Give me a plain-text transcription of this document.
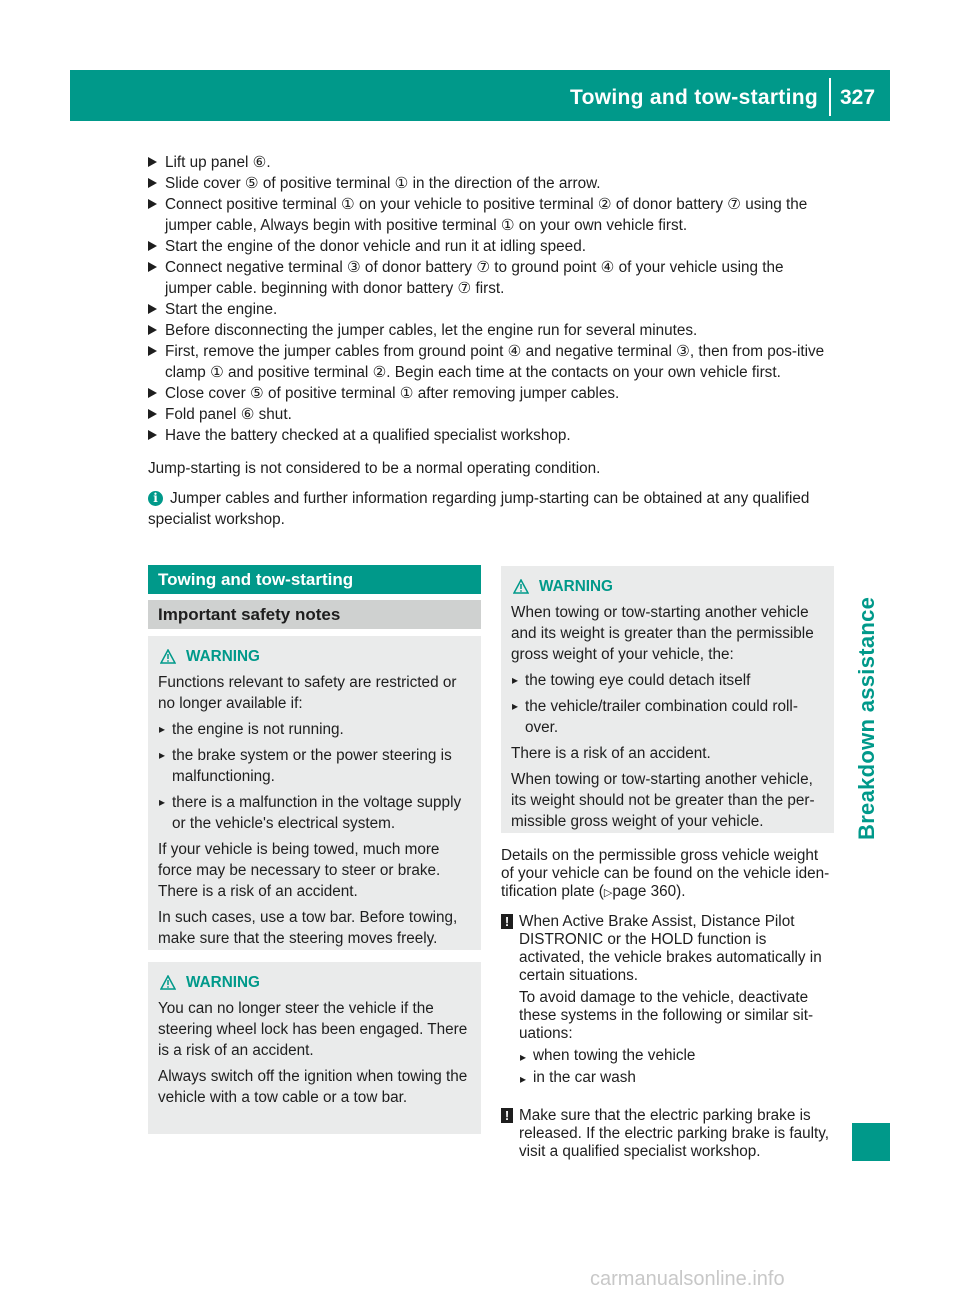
Towing and tow-starting 327
Breakdown assistance

Lift up panel ⑥.

Slide cover ⑤ of positive terminal ① in the direction of the arrow.

Connect positive terminal ① on your vehicle to positive terminal ② of donor battery ⑦ using the jumper cable, Always begin with positive terminal ① on your own vehicle first.

Start the engine of the donor vehicle and run it at idling speed.

Connect negative terminal ③ of donor battery ⑦ to ground point ④ of your vehicle using the jumper cable. beginning with donor battery ⑦ first.

Start the engine.

Before disconnecting the jumper cables, let the engine run for several minutes.

First, remove the jumper cables from ground point ④ and negative terminal ③, then from pos-itive clamp ① and positive terminal ②. Begin each time at the contacts on your own vehicle first.

Close cover ⑤ of positive terminal ① after removing jumper cables.

Fold panel ⑥ shut.

Have the battery checked at a qualified specialist workshop.

Jump-starting is not considered to be a normal operating condition.
i Jumper cables and further information regarding jump-starting can be obtained at any qualified specialist workshop.
Towing and tow-starting
Important safety notes
WARNING

Functions relevant to safety are restricted or no longer available if:

▸ the engine is not running.
▸ the brake system or the power steering is malfunctioning.
▸ there is a malfunction in the voltage supply or the vehicle's electrical system.

If your vehicle is being towed, much more force may be necessary to steer or brake. There is a risk of an accident.

In such cases, use a tow bar. Before towing, make sure that the steering moves freely.

WARNING

You can no longer steer the vehicle if the steering wheel lock has been engaged. There is a risk of an accident.

Always switch off the ignition when towing the vehicle with a tow cable or a tow bar.

WARNING

When towing or tow-starting another vehicle and its weight is greater than the permissible gross weight of your vehicle, the:

▸ the towing eye could detach itself
▸ the vehicle/trailer combination could roll-over.

There is a risk of an accident.

When towing or tow-starting another vehicle, its weight should not be greater than the per-missible gross weight of your vehicle.

Details on the permissible gross vehicle weight of your vehicle can be found on the vehicle iden-tification plate (▷page 360).
! When Active Brake Assist, Distance Pilot DISTRONIC or the HOLD function is activated, the vehicle brakes automatically in certain situations.

To avoid damage to the vehicle, deactivate these systems in the following or similar sit-uations:

▸ when towing the vehicle
▸ in the car wash
! Make sure that the electric parking brake is released. If the electric parking brake is faulty, visit a qualified specialist workshop.

carmanualsonline.info
